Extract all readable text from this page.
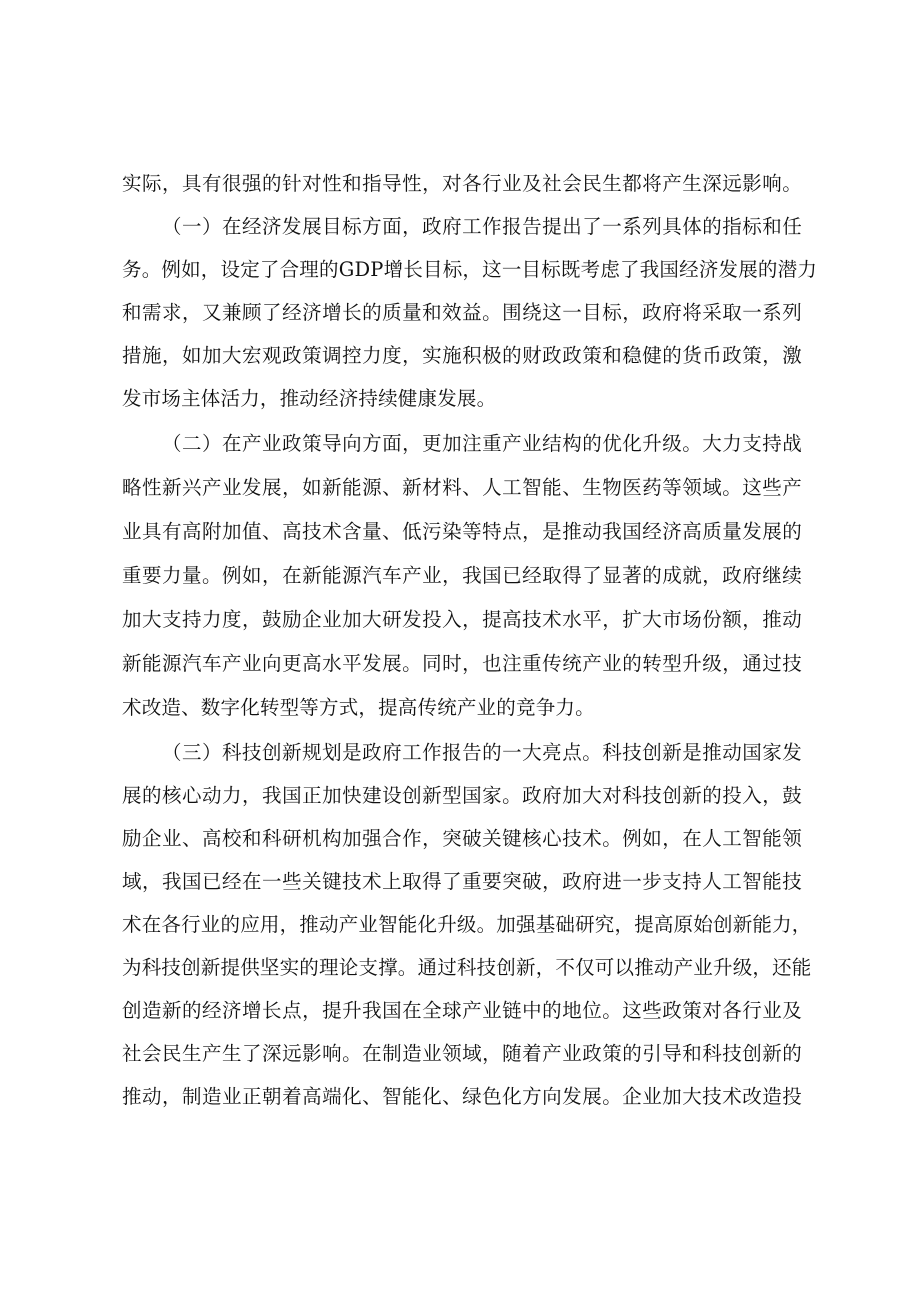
实际，具有很强的针对性和指导性，对各行业及社会民生都将产生深远影响。
（一）在经济发展目标方面，政府工作报告提出了一系列具体的指标和任
务。例如，设定了合理的GDP增长目标，这一目标既考虑了我国经济发展的潜力
和需求，又兼顾了经济增长的质量和效益。围绕这一目标，政府将采取一系列
措施，如加大宏观政策调控力度，实施积极的财政政策和稳健的货币政策，激
发市场主体活力，推动经济持续健康发展。
（二）在产业政策导向方面，更加注重产业结构的优化升级。大力支持战
略性新兴产业发展，如新能源、新材料、人工智能、生物医药等领域。这些产
业具有高附加值、高技术含量、低污染等特点，是推动我国经济高质量发展的
重要力量。例如，在新能源汽车产业，我国已经取得了显著的成就，政府继续
加大支持力度，鼓励企业加大研发投入，提高技术水平，扩大市场份额，推动
新能源汽车产业向更高水平发展。同时，也注重传统产业的转型升级，通过技
术改造、数字化转型等方式，提高传统产业的竞争力。
（三）科技创新规划是政府工作报告的一大亮点。科技创新是推动国家发
展的核心动力，我国正加快建设创新型国家。政府加大对科技创新的投入，鼓
励企业、高校和科研机构加强合作，突破关键核心技术。例如，在人工智能领
域，我国已经在一些关键技术上取得了重要突破，政府进一步支持人工智能技
术在各行业的应用，推动产业智能化升级。加强基础研究，提高原始创新能力，
为科技创新提供坚实的理论支撑。通过科技创新，不仅可以推动产业升级，还能
创造新的经济增长点，提升我国在全球产业链中的地位。这些政策对各行业及
社会民生产生了深远影响。在制造业领域，随着产业政策的引导和科技创新的
推动，制造业正朝着高端化、智能化、绿色化方向发展。企业加大技术改造投
